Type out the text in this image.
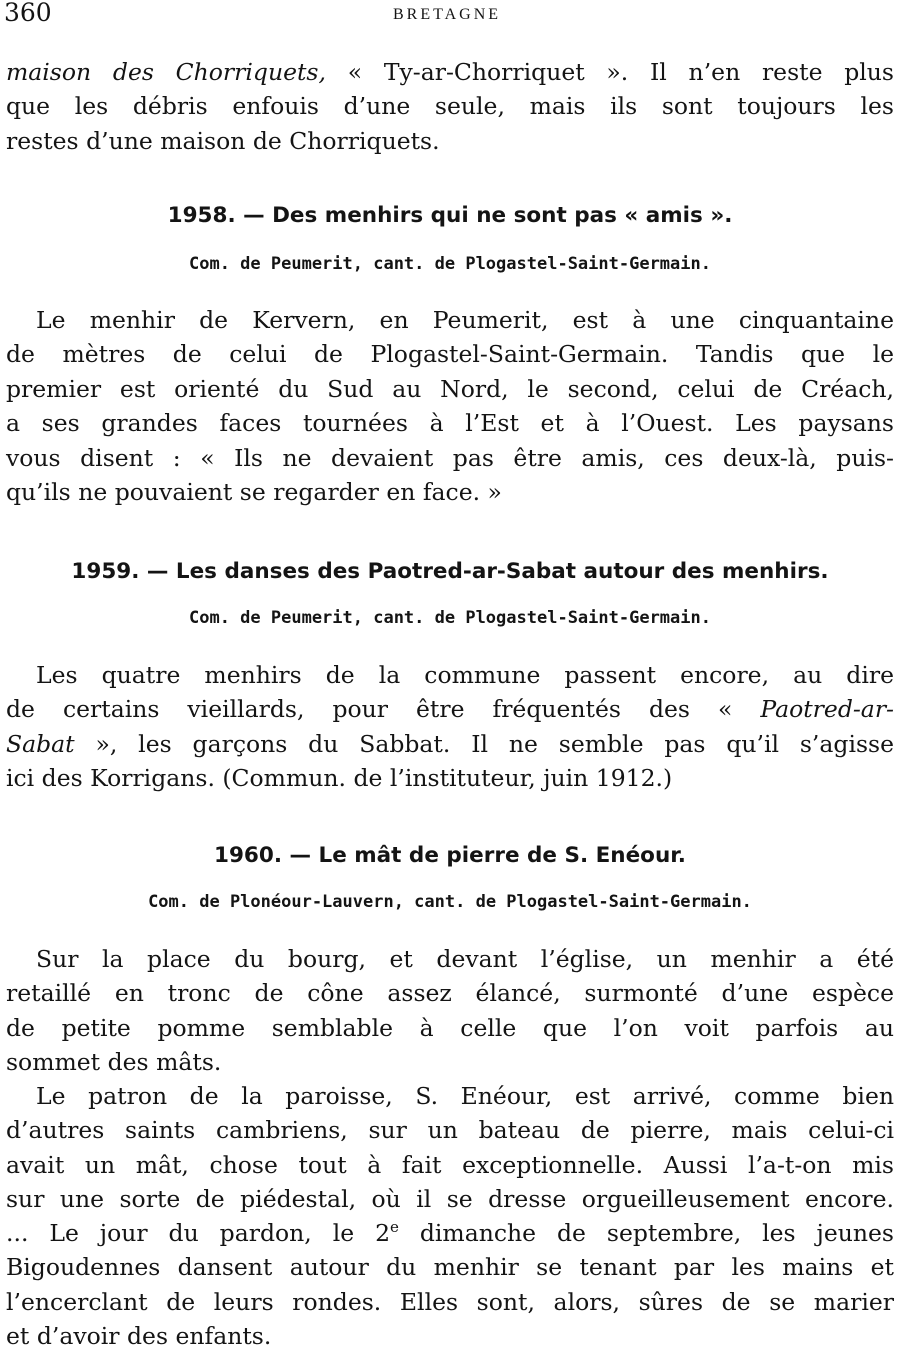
360	BRETAGNE

maison des Chorriquets, « Ty-ar-Chorriquet ». Il n’en reste plus
que les débris enfouis d’une seule, mais ils sont toujours les
restes d’une maison de Chorriquets.

1958. — Des menhirs qui ne sont pas « amis ».
Com. de Peumerit, cant. de Plogastel-Saint-Germain.

Le menhir de Kervern, en Peumerit, est à une cinquantaine
de mètres de celui de Plogastel-Saint-Germain. Tandis que le
premier est orienté du Sud au Nord, le second, celui de Créach,
a ses grandes faces tournées à l’Est et à l’Ouest. Les paysans
vous disent : « Ils ne devaient pas être amis, ces deux-là, puis-
qu’ils ne pouvaient se regarder en face. »

1959. — Les danses des Paotred-ar-Sabat autour des menhirs.
Com. de Peumerit, cant. de Plogastel-Saint-Germain.

Les quatre menhirs de la commune passent encore, au dire
de certains vieillards, pour être fréquentés des « Paotred-ar-
Sabat », les garçons du Sabbat. Il ne semble pas qu’il s’agisse
ici des Korrigans. (Commun. de l’instituteur, juin 1912.)

1960. — Le mât de pierre de S. Enéour.
Com. de Plonéour-Lauvern, cant. de Plogastel-Saint-Germain.

Sur la place du bourg, et devant l’église, un menhir a été
retaillé en tronc de cône assez élancé, surmonté d’une espèce
de petite pomme semblable à celle que l’on voit parfois au
sommet des mâts.

Le patron de la paroisse, S. Enéour, est arrivé, comme bien
d’autres saints cambriens, sur un bateau de pierre, mais celui-ci
avait un mât, chose tout à fait exceptionnelle. Aussi l’a-t-on mis
sur une sorte de piédestal, où il se dresse orgueilleusement encore.

... Le jour du pardon, le 2e dimanche de septembre, les jeunes
Bigoudennes dansent autour du menhir se tenant par les mains et
l’encerclant de leurs rondes. Elles sont, alors, sûres de se marier
et d’avoir des enfants.
